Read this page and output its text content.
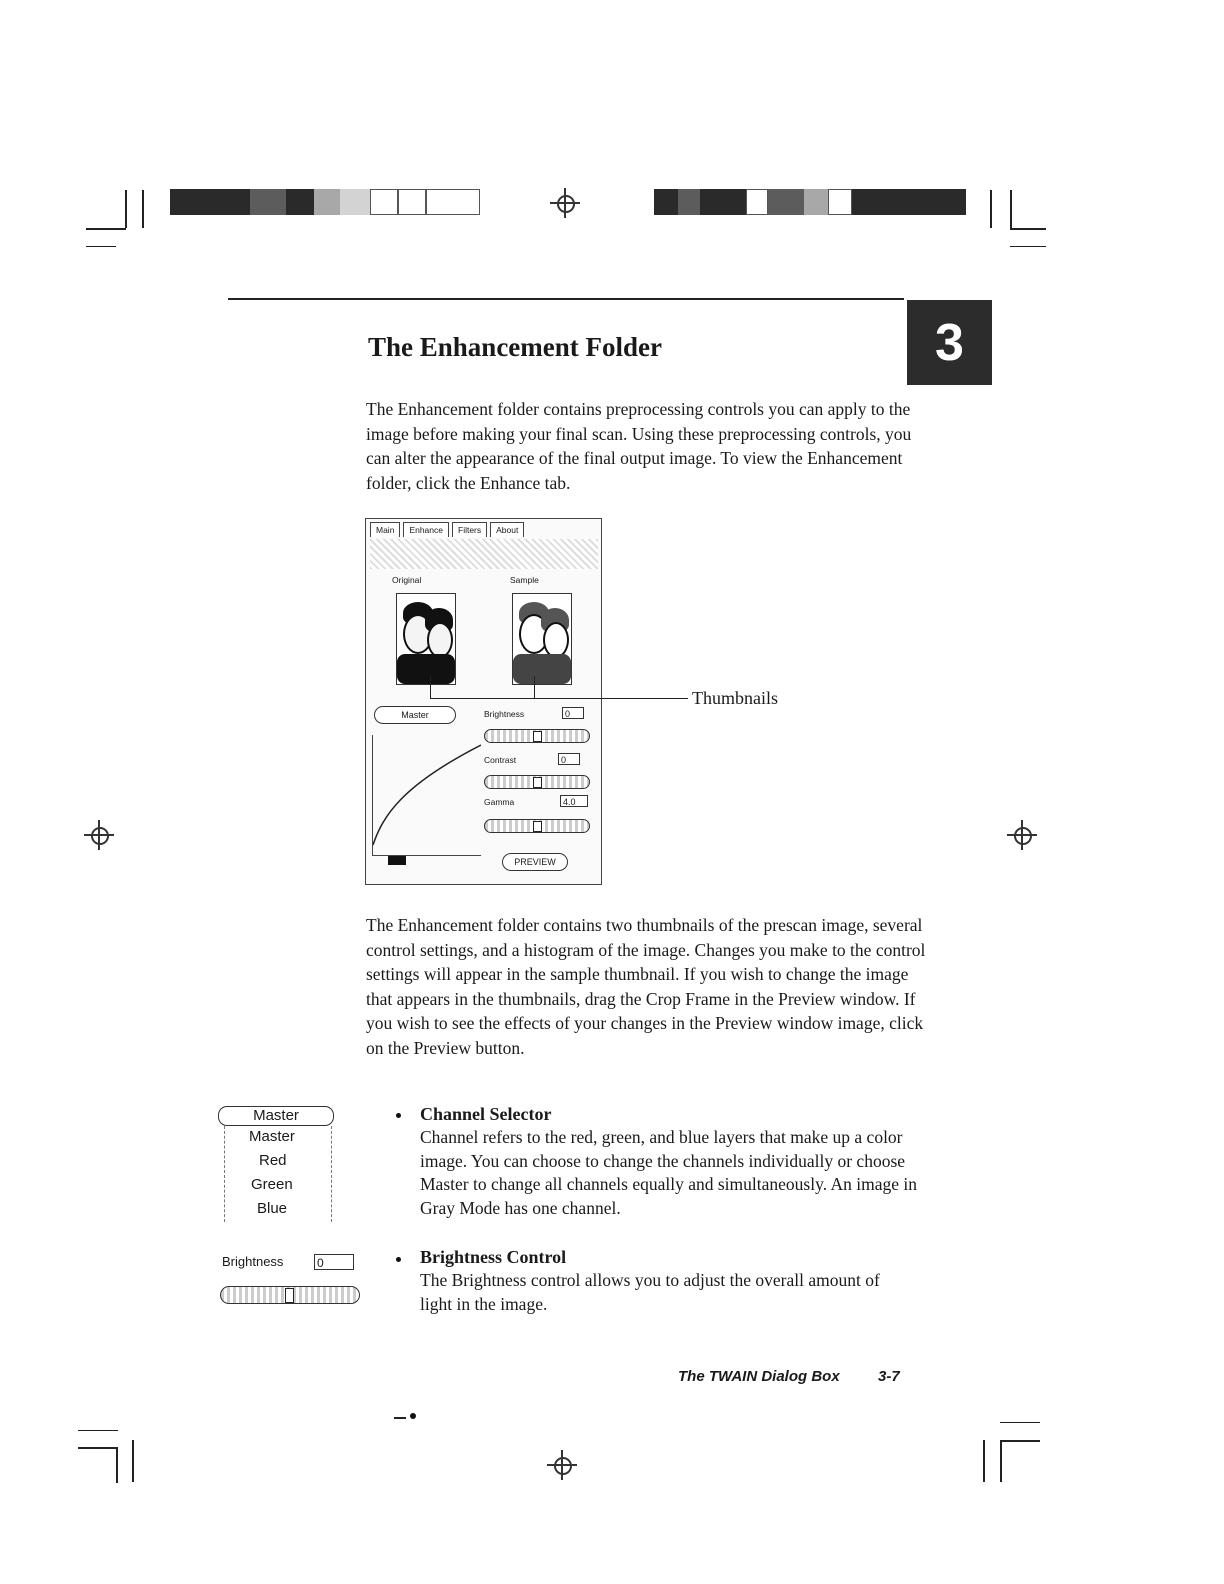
3
The Enhancement Folder

The Enhancement folder contains preprocessing controls you can apply to the image before making your final scan. Using these preprocessing controls, you can alter the appearance of the final output image. To view the Enhancement folder, click the Enhance tab.

Main	Enhance	Filters	About
Original	Sample
Master	Brightness	0
Contrast	0
Gamma	4.0
PREVIEW
Thumbnails

The Enhancement folder contains two thumbnails of the prescan image, several control settings, and a histogram of the image. Changes you make to the control settings will appear in the sample thumbnail. If you wish to change the image that appears in the thumbnails, drag the Crop Frame in the Preview window. If you wish to see the effects of your changes in the Preview window image, click on the Preview button.

Master
Master
Red
Green
Blue
Brightness	0
Channel Selector

Channel refers to the red, green, and blue layers that make up a color image. You can choose to change the channels individually or choose Master to change all channels equally and simultaneously. An image in Gray Mode has one channel.

Brightness Control

The Brightness control allows you to adjust the overall amount of light in the image.

The TWAIN Dialog Box	3-7
